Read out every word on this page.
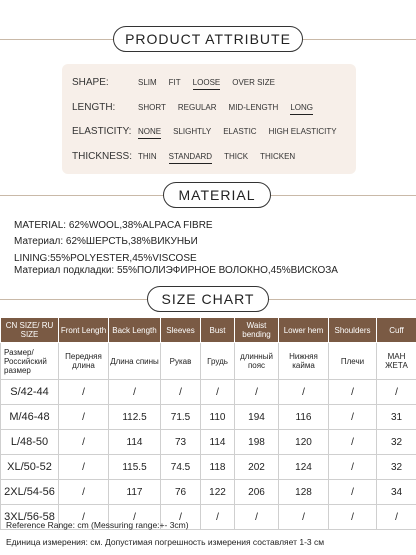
PRODUCT ATTRIBUTE
SHAPE:	SLIM FIT LOOSE OVER SIZE
LENGTH:	SHORT REGULAR MID-LENGTH LONG
ELASTICITY: NONE SLIGHTLY ELASTIC HIGH ELASTICITY
THICKNESS: THIN STANDARD THICK THICKEN
MATERIAL
MATERIAL: 62%WOOL,38%ALPACA FIBRE
Материал: 62%ШЕРСТЬ,38%ВИКУНЬИ
LINING:55%POLYESTER,45%VISCOSE
Материал подкладки: 55%ПОЛИЭФИРНОЕ ВОЛОКНО,45%ВИСКОЗА
SIZE CHART
CN SIZE/ RU SIZE	Front Length	Back Length	Sleeves	Bust	Waist bending	Lower hem	Shoulders	Cuff
Размер/ Российский размер	Передняя длина	Длина спины	Рукав	Грудь	длинный пояс	Нижняя кайма	Плечи	МАН ЖЕТА
S/42-44	/	/	/	/	/	/	/	/
M/46-48	/	112.5	71.5	110	194	116	/	31
L/48-50	/	114	73	114	198	120	/	32
XL/50-52	/	115.5	74.5	118	202	124	/	32
2XL/54-56	/	117	76	122	206	128	/	34
3XL/56-58	/	/	/	/	/	/	/	/
Reference Range: cm (Messuring range:+- 3cm)
Единица измерения: см. Допустимая погрешность измерения составляет 1-3 см
